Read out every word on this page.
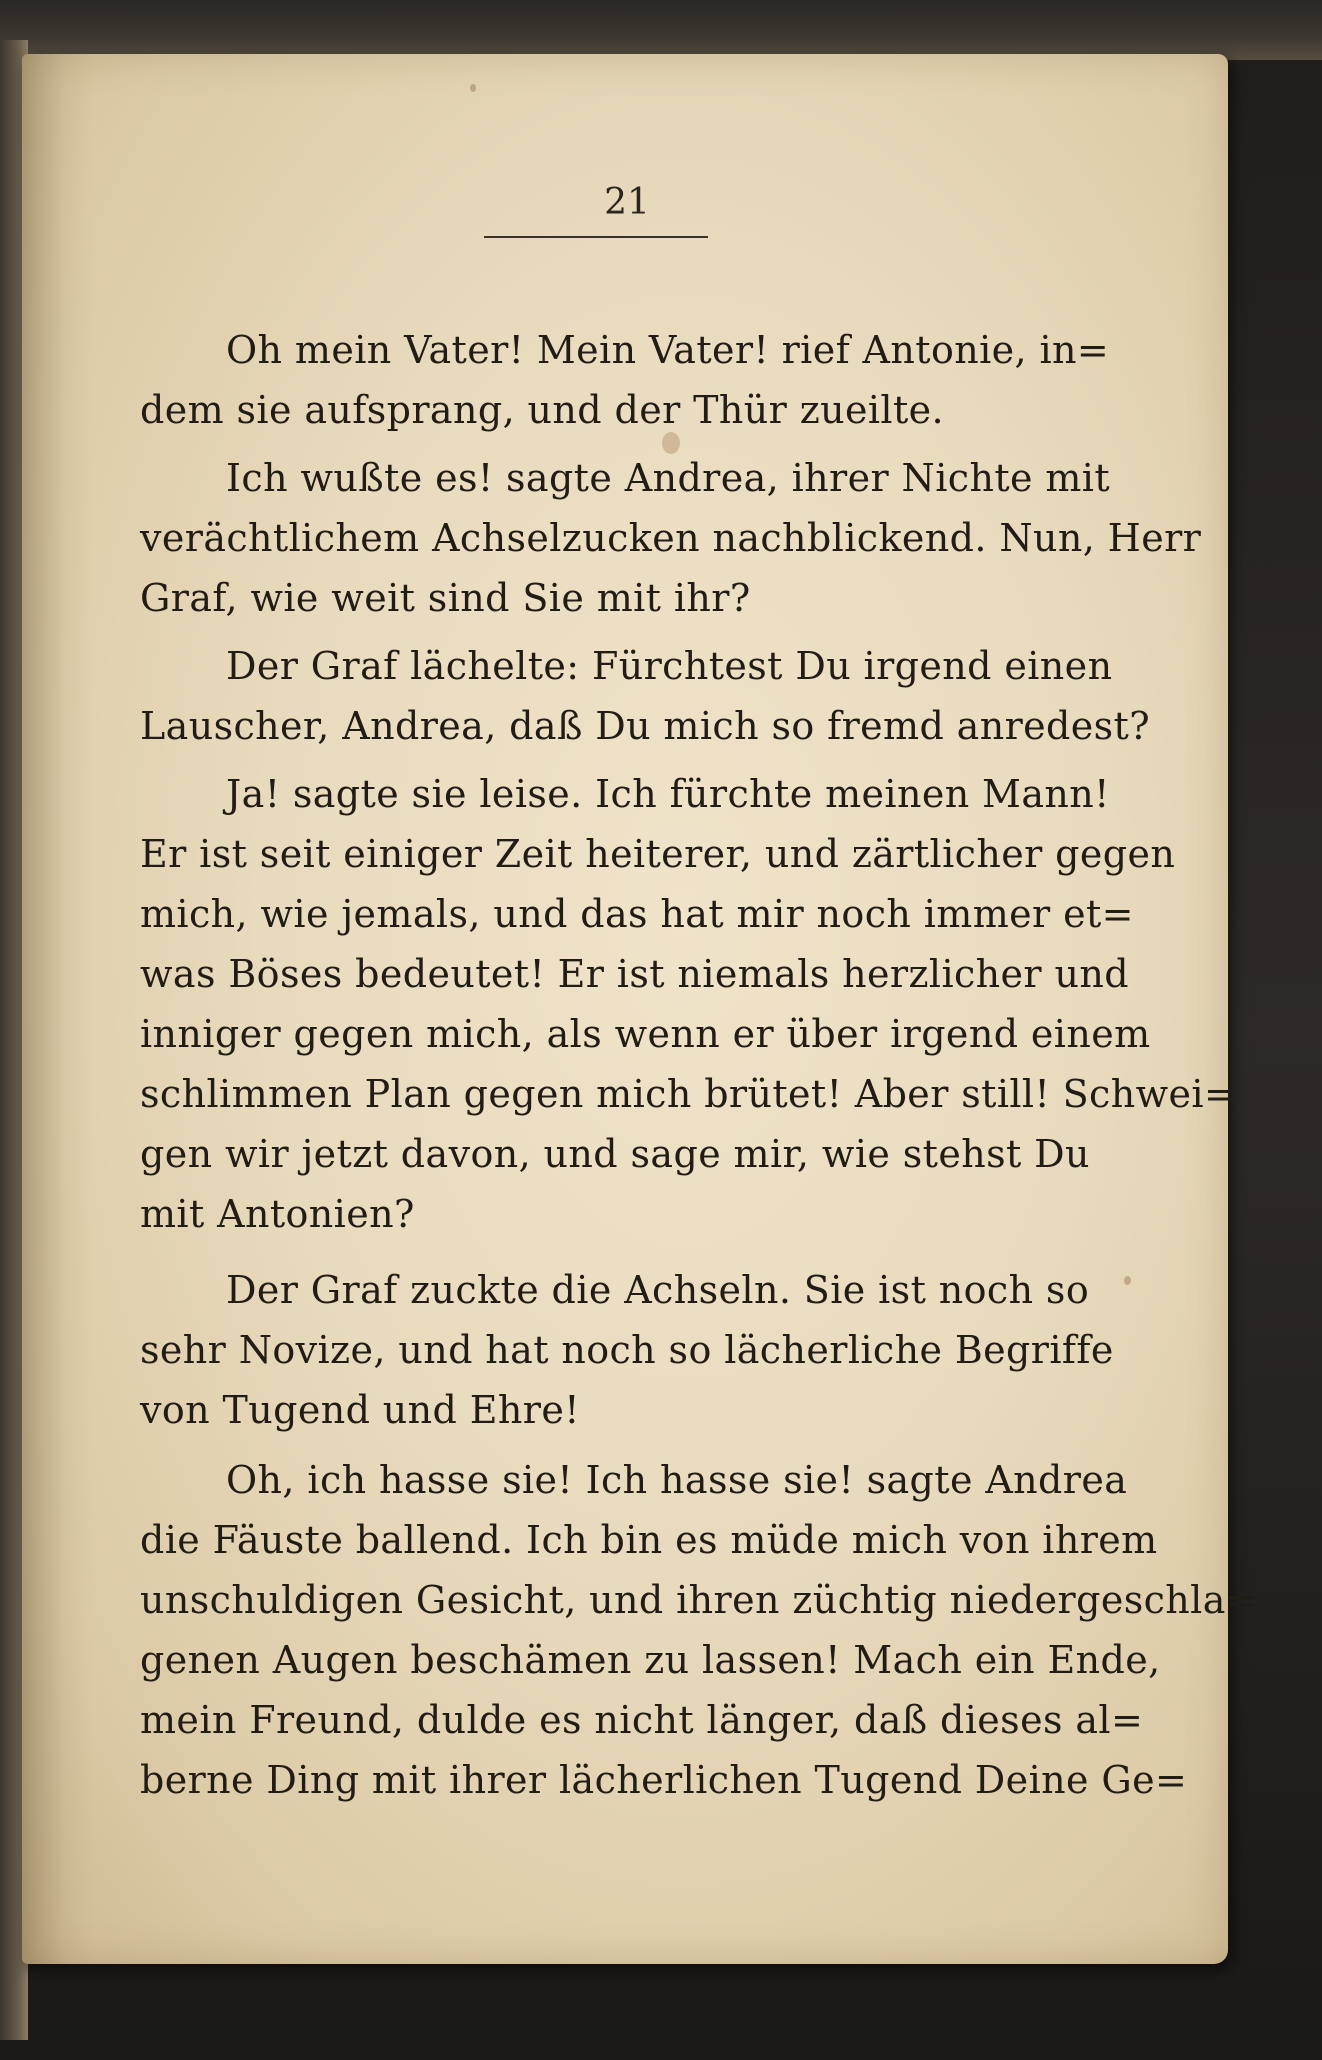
21
Oh mein Vater! Mein Vater! rief Antonie, in=
dem sie aufsprang, und der Thür zueilte.
Ich wußte es! sagte Andrea, ihrer Nichte mit
verächtlichem Achselzucken nachblickend. Nun, Herr
Graf, wie weit sind Sie mit ihr?
Der Graf lächelte: Fürchtest Du irgend einen
Lauscher, Andrea, daß Du mich so fremd anredest?
Ja! sagte sie leise. Ich fürchte meinen Mann!
Er ist seit einiger Zeit heiterer, und zärtlicher gegen
mich, wie jemals, und das hat mir noch immer et=
was Böses bedeutet! Er ist niemals herzlicher und
inniger gegen mich, als wenn er über irgend einem
schlimmen Plan gegen mich brütet! Aber still! Schwei=
gen wir jetzt davon, und sage mir, wie stehst Du
mit Antonien?
Der Graf zuckte die Achseln. Sie ist noch so
sehr Novize, und hat noch so lächerliche Begriffe
von Tugend und Ehre!
Oh, ich hasse sie! Ich hasse sie! sagte Andrea
die Fäuste ballend. Ich bin es müde mich von ihrem
unschuldigen Gesicht, und ihren züchtig niedergeschla=
genen Augen beschämen zu lassen! Mach ein Ende,
mein Freund, dulde es nicht länger, daß dieses al=
berne Ding mit ihrer lächerlichen Tugend Deine Ge=
